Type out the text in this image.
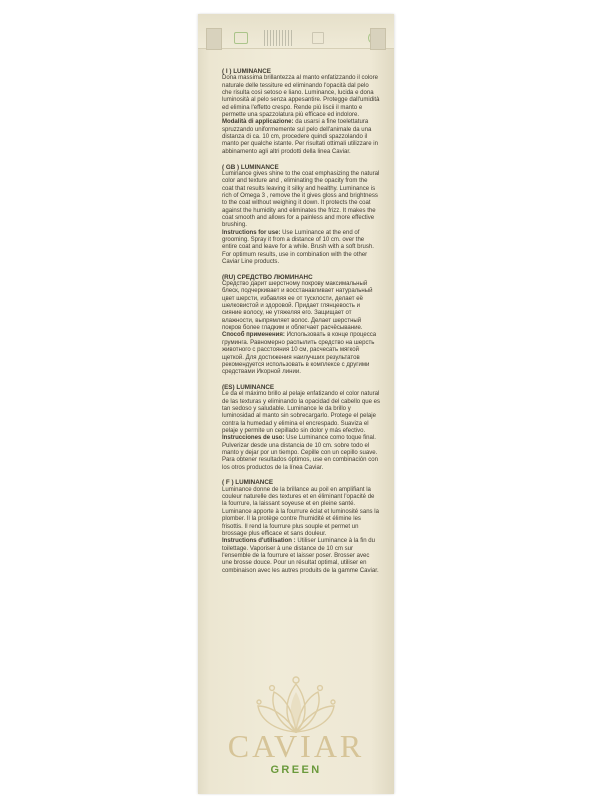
( I ) LUMINANCE
Dona massima brillantezza al manto enfatizzando il colore naturale delle tessiture ed eliminando l'opacità dal pelo che risulta così setoso e liano. Luminance, lucida e dona luminosità al pelo senza appesantire. Protegge dall'umidità ed elimina l'effetto crespo. Rende più liscii il manto e permette una spazzolatura più efficace ed indolore.
Modalità di applicazione: da usarsi a fine toelettatura spruzzando uniformemente sul pelo dell'animale da una distanza di ca. 10 cm, procedere quindi spazzolando il manto per qualche istante. Per risultati ottimali utilizzare in abbinamento agli altri prodotti della linea Caviar.
( GB ) LUMINANCE
Luminance gives shine to the coat emphasizing the natural color and texture and , eliminating the opacity from the coat that results leaving it silky and healthy. Luminance is rich of Omega 3 , remove the it gives gloss and brightness to the coat without weighing it down. It protects the coat against the humidity and eliminates the frizz. It makes the coat smooth and allows for a painless and more effective brushing.
Instructions for use: Use Luminance at the end of grooming. Spray it from a distance of 10 cm. over the entire coat and leave for a while. Brush with a soft brush. For optimum results, use in combination with the other Caviar Line products.
(RU) СРЕДСТВО ЛЮМИНАНС
Средство дарит шерстному покрову максимальный блеск, подчеркивает и восстанавливает натуральный цвет шерсти, избавляя ее от тусклости, делает её шелковистой и здоровой. Придает глянцевость и сияние волосу, не утяжеляя его. Защищает от влажности, выпрямляет волос. Делает шерстный покров более гладким и облегчает расчёсывание.
Способ применения: Использовать в конце процесса груминга. Равномерно распылить средство на шерсть животного с расстояния 10 см, расчесать мягкой щеткой. Для достижения наилучших результатов рекомендуется использовать в комплексе с другими средствами Икорной линии.
(ES) LUMINANCE
Le da el máximo brillo al pelaje enfatizando el color natural de las texturas y eliminando la opacidad del cabello que es tan sedoso y saludable. Luminance le da brillo y luminosidad al manto sin sobrecargarlo. Protege el pelaje contra la humedad y elimina el encrespado. Suaviza el pelaje y permite un cepillado sin dolor y más efectivo.
Instrucciones de uso: Use Luminance como toque final. Pulverizar desde una distancia de 10 cm. sobre todo el manto y dejar por un tiempo. Cepille con un cepillo suave. Para obtener resultados óptimos, use en combinación con los otros productos de la línea Caviar.
( F ) LUMINANCE
Luminance donne de la brillance au poil en amplifiant la couleur naturelle des textures et en éliminant l'opacité de la fourrure, la laissant soyeuse et en pleine santé. Luminance apporte à la fourrure éclat et luminosité sans la plomber. Il la protège contre l'humidité et élimine les frisottis. Il rend la fourrure plus souple et permet un brossage plus efficace et sans douleur.
Instructions d'utilisation : Utiliser Luminance à la fin du toilettage. Vaporiser à une distance de 10 cm sur l'ensemble de la fourrure et laisser poser. Brosser avec une brosse douce. Pour un résultat optimal, utiliser en combinaison avec les autres produits de la gamme Caviar.
CAVIAR
GREEN
